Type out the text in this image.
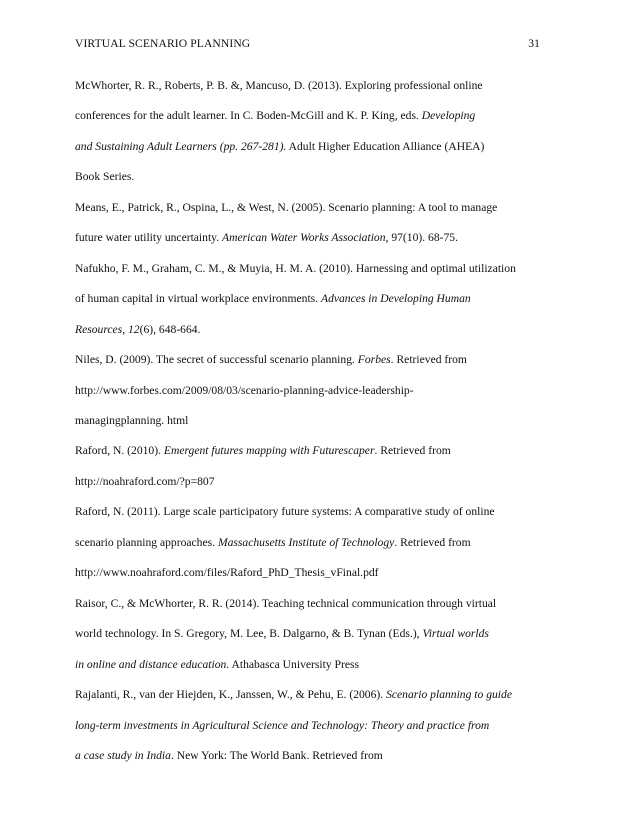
VIRTUAL SCENARIO PLANNING	31

McWhorter, R. R., Roberts, P. B. &, Mancuso, D. (2013). Exploring professional online
conferences for the adult learner. In C. Boden-McGill and K. P. King, eds. Developing
and Sustaining Adult Learners (pp. 267-281). Adult Higher Education Alliance (AHEA)
Book Series.

Means, E., Patrick, R., Ospina, L., & West, N. (2005). Scenario planning: A tool to manage
future water utility uncertainty. American Water Works Association, 97(10). 68-75.

Nafukho, F. M., Graham, C. M., & Muyia, H. M. A. (2010). Harnessing and optimal utilization
of human capital in virtual workplace environments. Advances in Developing Human
Resources, 12(6), 648-664.

Niles, D. (2009). The secret of successful scenario planning. Forbes. Retrieved from
http://www.forbes.com/2009/08/03/scenario-planning-advice-leadership-
managingplanning. html

Raford, N. (2010). Emergent futures mapping with Futurescaper. Retrieved from
http://noahraford.com/?p=807

Raford, N. (2011). Large scale participatory future systems: A comparative study of online
scenario planning approaches. Massachusetts Institute of Technology. Retrieved from
http://www.noahraford.com/files/Raford_PhD_Thesis_vFinal.pdf

Raisor, C., & McWhorter, R. R. (2014). Teaching technical communication through virtual
world technology. In S. Gregory, M. Lee, B. Dalgarno, & B. Tynan (Eds.), Virtual worlds
in online and distance education. Athabasca University Press

Rajalanti, R., van der Hiejden, K., Janssen, W., & Pehu, E. (2006). Scenario planning to guide
long-term investments in Agricultural Science and Technology: Theory and practice from
a case study in India. New York: The World Bank. Retrieved from
